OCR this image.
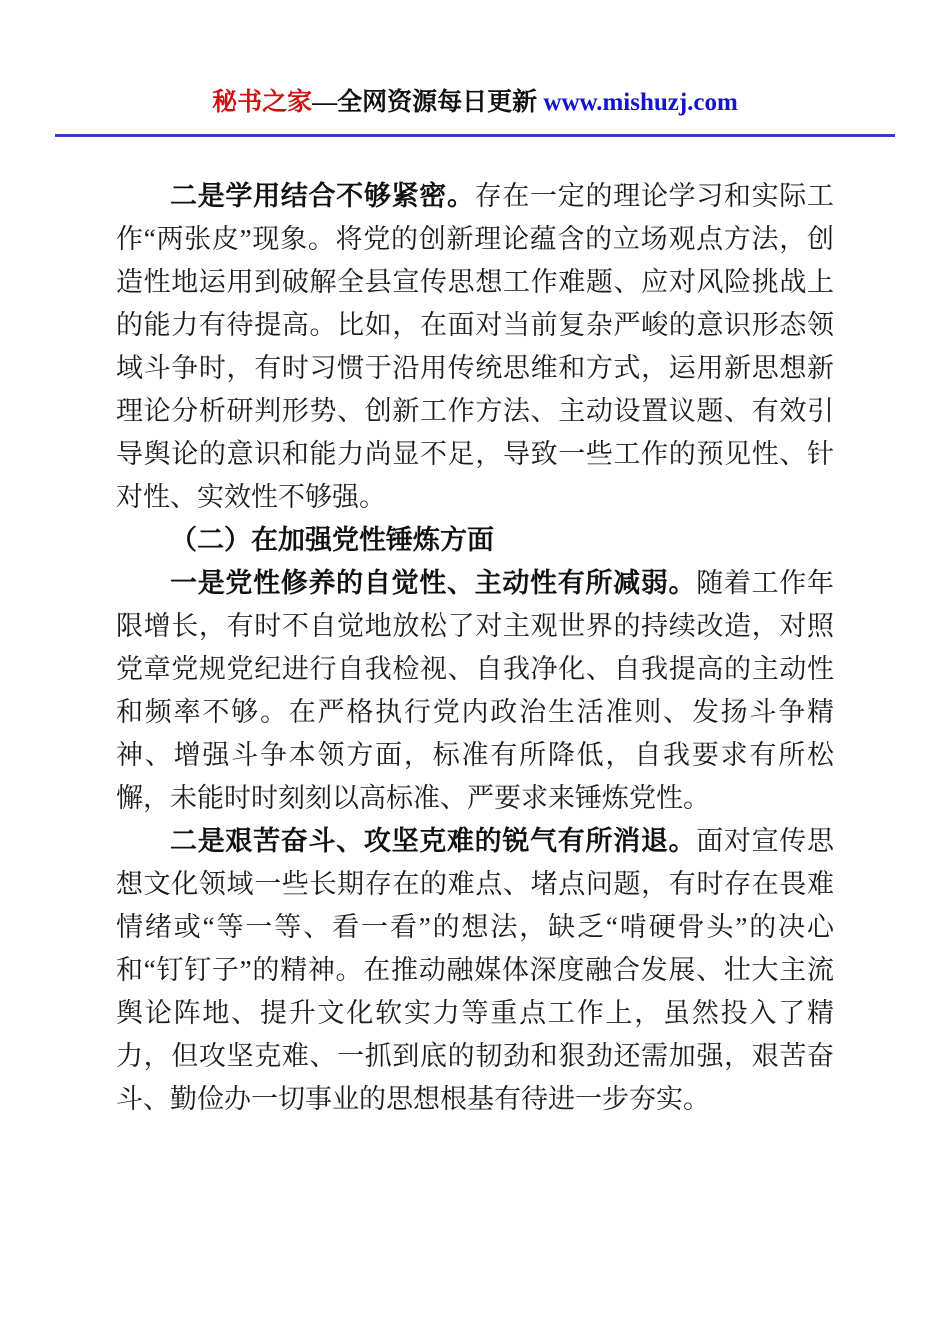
秘书之家—全网资源每日更新 www.mishuzj.com

二是学用结合不够紧密。存在一定的理论学习和实际工作“两张皮”现象。将党的创新理论蕴含的立场观点方法，创造性地运用到破解全县宣传思想工作难题、应对风险挑战上的能力有待提高。比如，在面对当前复杂严峻的意识形态领域斗争时，有时习惯于沿用传统思维和方式，运用新思想新理论分析研判形势、创新工作方法、主动设置议题、有效引导舆论的意识和能力尚显不足，导致一些工作的预见性、针对性、实效性不够强。

（二）在加强党性锤炼方面

一是党性修养的自觉性、主动性有所减弱。随着工作年限增长，有时不自觉地放松了对主观世界的持续改造，对照党章党规党纪进行自我检视、自我净化、自我提高的主动性和频率不够。在严格执行党内政治生活准则、发扬斗争精神、增强斗争本领方面，标准有所降低，自我要求有所松懈，未能时时刻刻以高标准、严要求来锤炼党性。

二是艰苦奋斗、攻坚克难的锐气有所消退。面对宣传思想文化领域一些长期存在的难点、堵点问题，有时存在畏难情绪或“等一等、看一看”的想法，缺乏“啃硬骨头”的决心和“钉钉子”的精神。在推动融媒体深度融合发展、壮大主流舆论阵地、提升文化软实力等重点工作上，虽然投入了精力，但攻坚克难、一抓到底的韧劲和狠劲还需加强，艰苦奋斗、勤俭办一切事业的思想根基有待进一步夯实。
